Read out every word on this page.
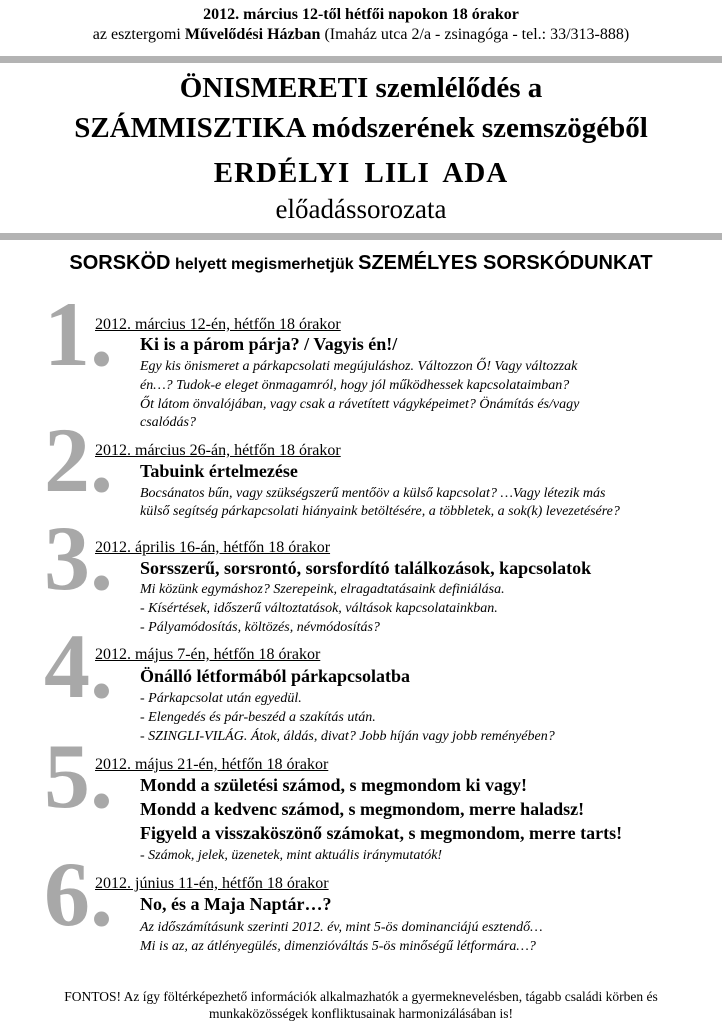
2012. március 12-től hétfői napokon 18 órakor
az esztergomi Művelődési Házban (Imaház utca 2/a - zsinagóga - tel.: 33/313-888)
ÖNISMERETI szemlélődés a
SZÁMMISZTIKA módszerének szemszögéből
ERDÉLYI LILI ADA
előadássorozata
SORSKÖD helyett megismerhetjük SZEMÉLYES SORSKÓDUNKAT
1.
2012. március 12-én, hétfőn 18 órakor
Ki is a párom párja? / Vagyis én!/
Egy kis önismeret a párkapcsolati megújuláshoz. Változzon Ő! Vagy változzak
én…? Tudok-e eleget önmagamról, hogy jól működhessek kapcsolataimban?
Őt látom önvalójában, vagy csak a rávetített vágyképeimet? Önámítás és/vagy
csalódás?
2.
2012. március 26-án, hétfőn 18 órakor
Tabuink értelmezése
Bocsánatos bűn, vagy szükségszerű mentőöv a külső kapcsolat? …Vagy létezik más
külső segítség párkapcsolati hiányaink betöltésére, a többletek, a sok(k) levezetésére?
3.
2012. április 16-án, hétfőn 18 órakor
Sorsszerű, sorsrontó, sorsfordító találkozások, kapcsolatok
Mi közünk egymáshoz? Szerepeink, elragadtatásaink definiálása.
- Kísértések, időszerű változtatások, váltások kapcsolatainkban.
- Pályamódosítás, költözés, névmódosítás?
4.
2012. május 7-én, hétfőn 18 órakor
Önálló létformából párkapcsolatba
- Párkapcsolat után egyedül.
- Elengedés és pár-beszéd a szakítás után.
- SZINGLI-VILÁG. Átok, áldás, divat? Jobb híján vagy jobb reményében?
5.
2012. május 21-én, hétfőn 18 órakor
Mondd a születési számod, s megmondom ki vagy!
Mondd a kedvenc számod, s megmondom, merre haladsz!
Figyeld a visszaköszönő számokat, s megmondom, merre tarts!
- Számok, jelek, üzenetek, mint aktuális iránymutatók!
6.
2012. június 11-én, hétfőn 18 órakor
No, és a Maja Naptár…?
Az időszámításunk szerinti 2012. év, mint 5-ös dominanciájú esztendő…
Mi is az, az átlényegülés, dimenzióváltás 5-ös minőségű létformára…?
FONTOS! Az így föltérképezhető információk alkalmazhatók a gyermeknevelésben, tágabb családi körben és
munkaközösségek konfliktusainak harmonizálásában is!
